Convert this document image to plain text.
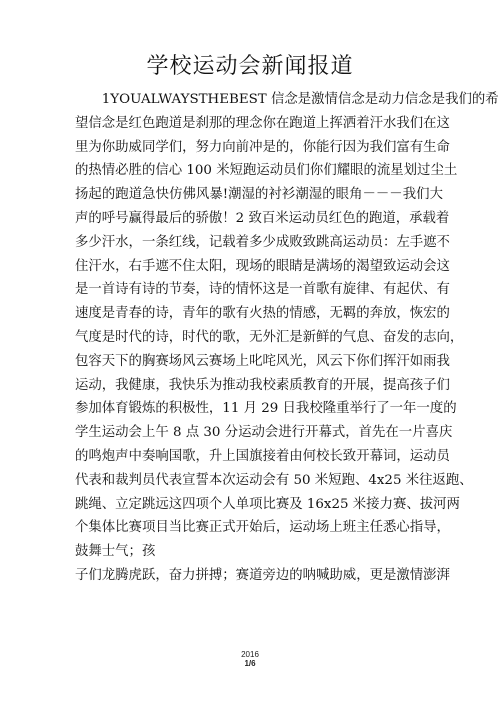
学校运动会新闻报道
　　1YOUALWAYSTHEBEST 信念是激情信念是动力信念是我们的希
望信念是红色跑道是刹那的理念你在跑道上挥洒着汗水我们在这
里为你助威同学们，努力向前冲是的，你能行因为我们富有生命
的热情必胜的信心 100 米短跑运动员们你们耀眼的流星划过尘土
扬起的跑道急快仿佛风暴!潮湿的衬衫潮湿的眼角－－－我们大
声的呼号赢得最后的骄傲！2 致百米运动员红色的跑道，承载着
多少汗水，一条红线，记载着多少成败致跳高运动员：左手遮不
住汗水，右手遮不住太阳，现场的眼睛是满场的渴望致运动会这
是一首诗有诗的节奏，诗的情怀这是一首歌有旋律、有起伏、有
速度是青春的诗，青年的歌有火热的情感，无羁的奔放，恢宏的
气度是时代的诗，时代的歌，无外汇是新鲜的气息、奋发的志向，
包容天下的胸赛场风云赛场上叱咤风光，风云下你们挥汗如雨我
运动，我健康，我快乐为推动我校素质教育的开展，提高孩子们
参加体育锻炼的积极性，11 月 29 日我校隆重举行了一年一度的
学生运动会上午 8 点 30 分运动会进行开幕式，首先在一片喜庆
的鸣炮声中奏响国歌，升上国旗接着由何校长致开幕词，运动员
代表和裁判员代表宣誓本次运动会有 50 米短跑、4x25 米往返跑、
跳绳、立定跳远这四项个人单项比赛及 16x25 米接力赛、拔河两
个集体比赛项目当比赛正式开始后，运动场上班主任悉心指导，
鼓舞士气；孩
子们龙腾虎跃，奋力拼搏；赛道旁边的呐喊助威，更是激情澎湃
2016
1/6
